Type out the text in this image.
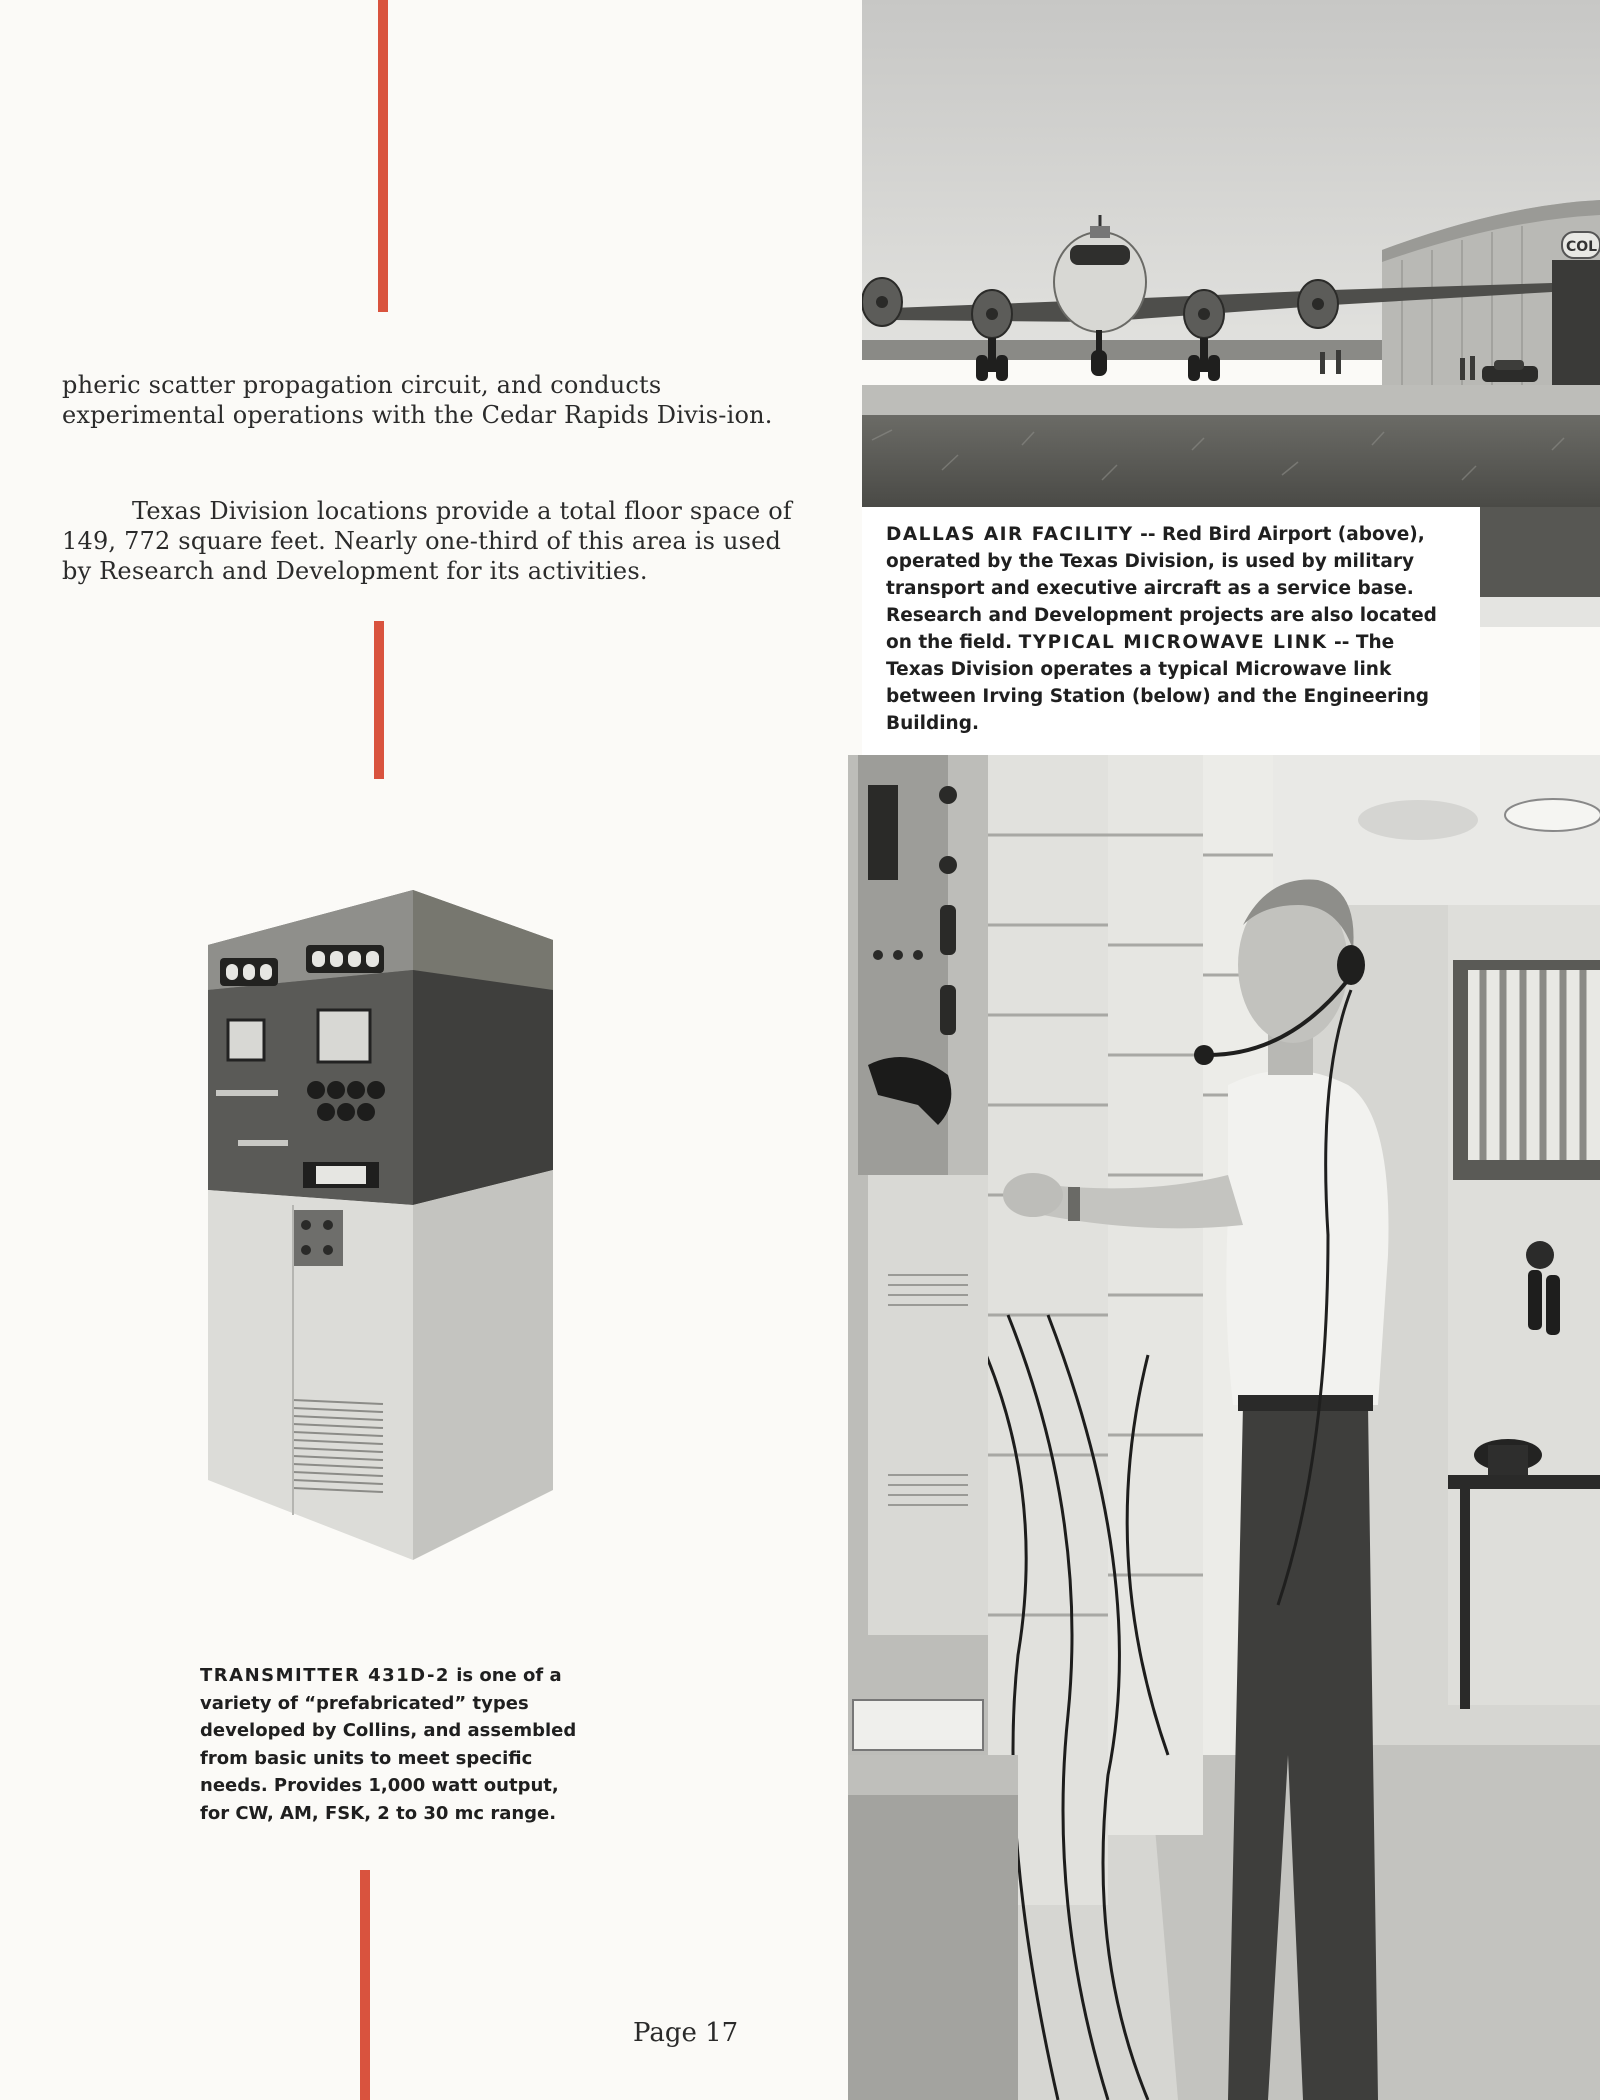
pheric scatter propagation circuit, and conducts experimental operations with the Cedar Rapids Divis-ion.

Texas Division locations provide a total floor space of 149, 772 square feet. Nearly one-third of this area is used by Research and Development for its activities.

COL
DALLAS AIR FACILITY -- Red Bird Airport (above), operated by the Texas Division, is used by military transport and executive aircraft as a service base. Research and Development projects are also located on the field. TYPICAL MICROWAVE LINK -- The Texas Division operates a typical Microwave link between Irving Station (below) and the Engineering Building.
TRANSMITTER 431D-2 is one of a variety of “prefabricated” types developed by Collins, and assembled from basic units to meet specific needs. Provides 1,000 watt output, for CW, AM, FSK, 2 to 30 mc range.
Page 17
